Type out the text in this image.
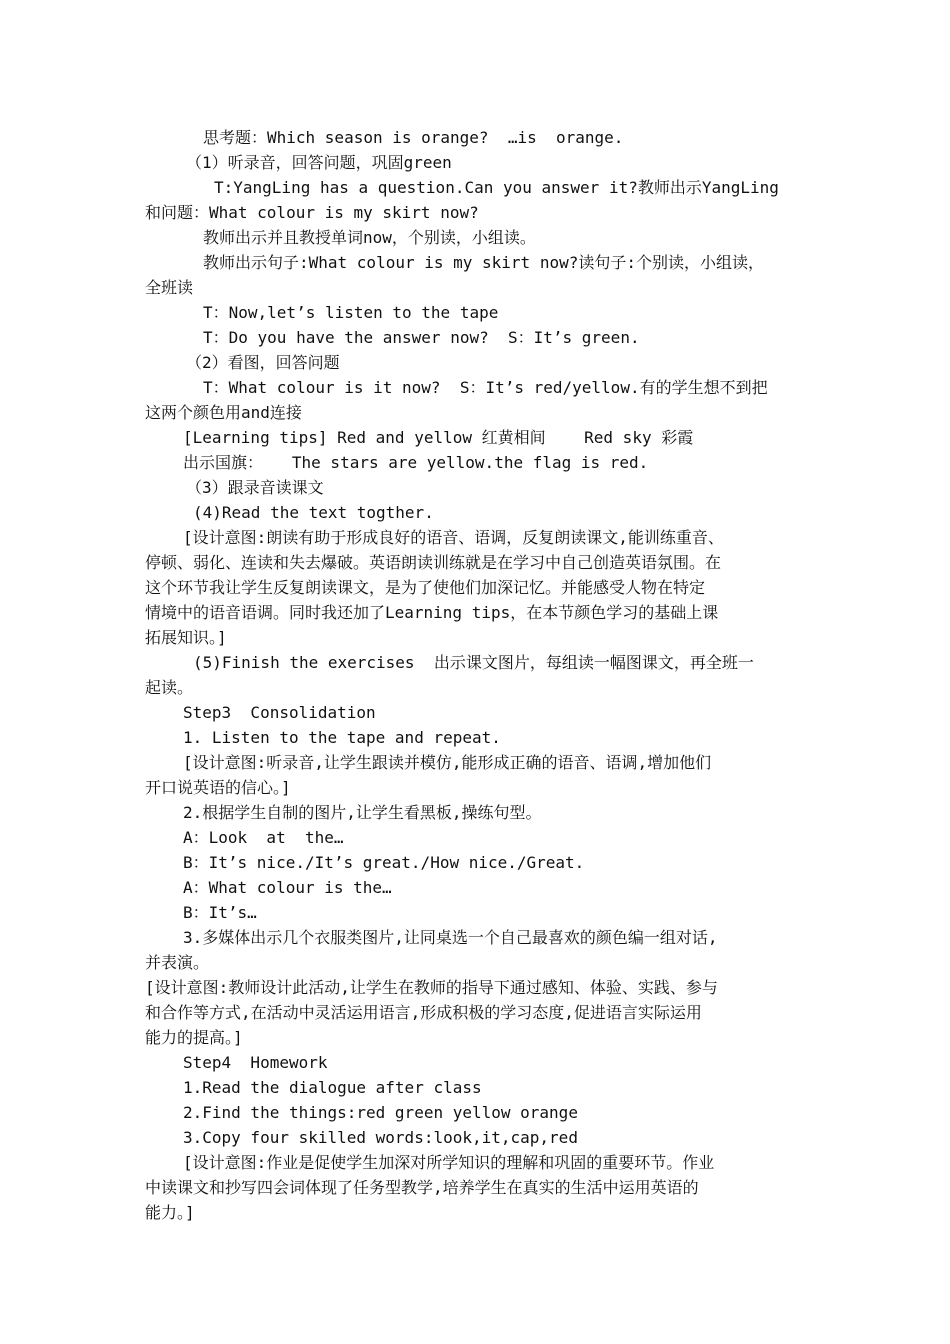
思考题：Which season is orange?  …is  orange.
（1）听录音，回答问题，巩固green
T:YangLing has a question.Can you answer it?教师出示YangLing
和问题：What colour is my skirt now?
教师出示并且教授单词now，个别读，小组读。
教师出示句子:What colour is my skirt now?读句子:个别读，小组读，
全班读
T：Now,let’s listen to the tape
T：Do you have the answer now?  S：It’s green.
（2）看图，回答问题
T：What colour is it now?  S：It’s red/yellow.有的学生想不到把
这两个颜色用and连接
[Learning tips] Red and yellow 红黄相间    Red sky 彩霞
出示国旗：   The stars are yellow.the flag is red.
（3）跟录音读课文
(4)Read the text togther.
[设计意图:朗读有助于形成良好的语音、语调，反复朗读课文,能训练重音、
停顿、弱化、连读和失去爆破。英语朗读训练就是在学习中自己创造英语氛围。在
这个环节我让学生反复朗读课文，是为了使他们加深记忆。并能感受人物在特定
情境中的语音语调。同时我还加了Learning tips，在本节颜色学习的基础上课
拓展知识。]
(5)Finish the exercises  出示课文图片，每组读一幅图课文，再全班一
起读。
Step3  Consolidation
1. Listen to the tape and repeat.
[设计意图:听录音,让学生跟读并模仿,能形成正确的语音、语调,增加他们
开口说英语的信心。]
2.根据学生自制的图片,让学生看黑板,操练句型。
A：Look  at  the…
B：It’s nice./It’s great./How nice./Great.
A：What colour is the…
B：It’s…
3.多媒体出示几个衣服类图片,让同桌选一个自己最喜欢的颜色编一组对话,
并表演。
[设计意图:教师设计此活动,让学生在教师的指导下通过感知、体验、实践、参与
和合作等方式,在活动中灵活运用语言,形成积极的学习态度,促进语言实际运用
能力的提高。]
Step4  Homework
1.Read the dialogue after class
2.Find the things:red green yellow orange
3.Copy four skilled words:look,it,cap,red
[设计意图:作业是促使学生加深对所学知识的理解和巩固的重要环节。作业
中读课文和抄写四会词体现了任务型教学,培养学生在真实的生活中运用英语的
能力。]
